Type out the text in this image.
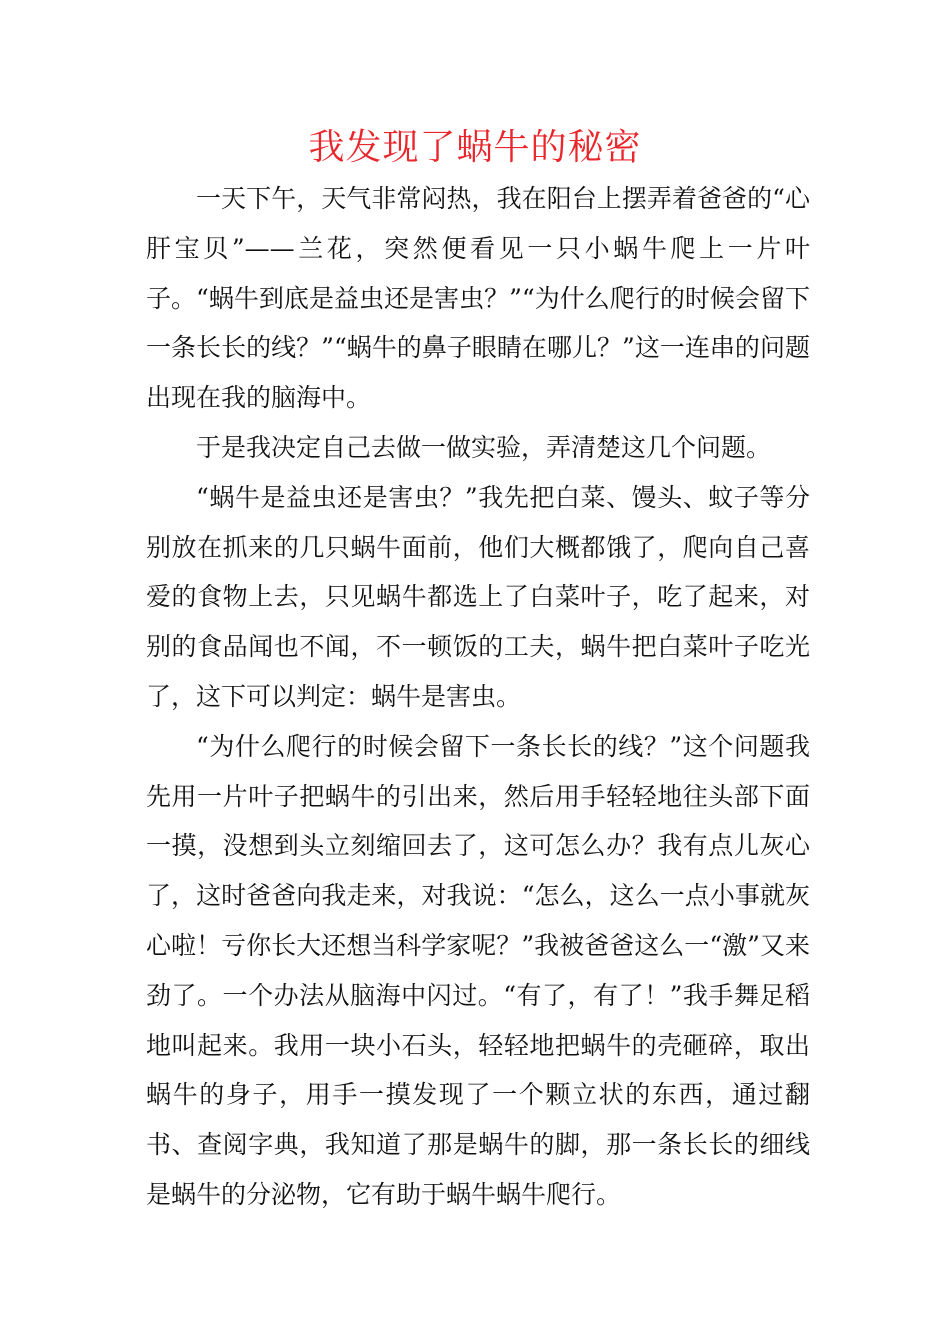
我发现了蜗牛的秘密

一天下午，天气非常闷热，我在阳台上摆弄着爸爸的“心肝宝贝”——兰花，突然便看见一只小蜗牛爬上一片叶子。“蜗牛到底是益虫还是害虫？”“为什么爬行的时候会留下一条长长的线？”“蜗牛的鼻子眼睛在哪儿？”这一连串的问题出现在我的脑海中。

于是我决定自己去做一做实验，弄清楚这几个问题。

“蜗牛是益虫还是害虫？”我先把白菜、馒头、蚊子等分别放在抓来的几只蜗牛面前，他们大概都饿了，爬向自己喜爱的食物上去，只见蜗牛都选上了白菜叶子，吃了起来，对别的食品闻也不闻，不一顿饭的工夫，蜗牛把白菜叶子吃光了，这下可以判定：蜗牛是害虫。

“为什么爬行的时候会留下一条长长的线？”这个问题我先用一片叶子把蜗牛的引出来，然后用手轻轻地往头部下面一摸，没想到头立刻缩回去了，这可怎么办？我有点儿灰心了，这时爸爸向我走来，对我说：“怎么，这么一点小事就灰心啦！亏你长大还想当科学家呢？”我被爸爸这么一“激”又来劲了。一个办法从脑海中闪过。“有了，有了！”我手舞足稻地叫起来。我用一块小石头，轻轻地把蜗牛的壳砸碎，取出蜗牛的身子，用手一摸发现了一个颗立状的东西，通过翻书、查阅字典，我知道了那是蜗牛的脚，那一条长长的细线是蜗牛的分泌物，它有助于蜗牛蜗牛爬行。
